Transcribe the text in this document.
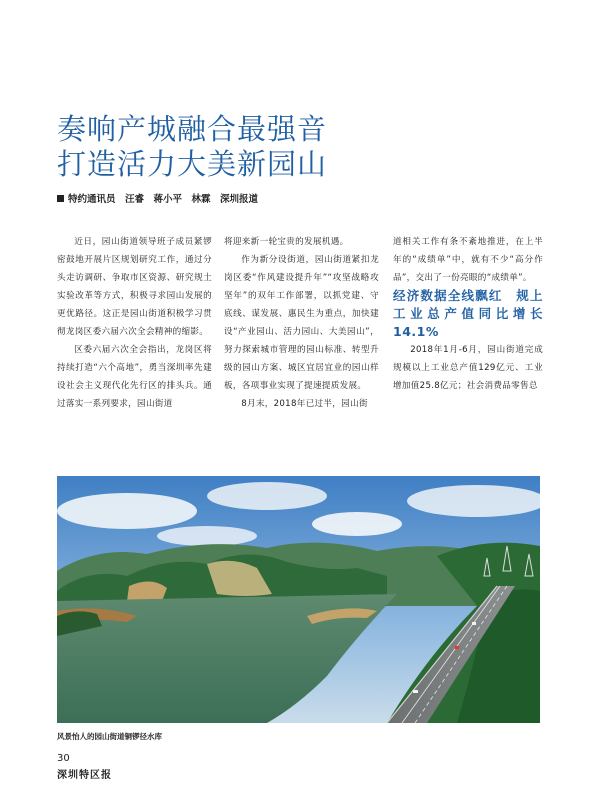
奏响产城融合最强音
打造活力大美新园山
特约通讯员　汪睿　蒋小平　林霖　深圳报道

近日，园山街道领导班子成员紧锣密鼓地开展片区规划研究工作，通过分头走访调研、争取市区资源、研究规土实验改革等方式，积极寻求园山发展的更优路径。这正是园山街道积极学习贯彻龙岗区委六届六次全会精神的缩影。

区委六届六次全会指出，龙岗区将持续打造“六个高地”，勇当深圳率先建设社会主义现代化先行区的排头兵。通过落实一系列要求，园山街道

将迎来新一轮宝贵的发展机遇。

作为新分设街道，园山街道紧扣龙岗区委“作风建设提升年”“攻坚战略攻坚年”的双年工作部署，以抓党建、守底线、谋发展、惠民生为重点，加快建设“产业园山、活力园山、大美园山”，努力探索城市管理的园山标准、转型升级的园山方案、城区宜居宜业的园山样板，各项事业实现了提速提质发展。

8月末，2018年已过半，园山街

道相关工作有条不紊地推进，在上半年的“成绩单”中，就有不少“高分作品”，交出了一份亮眼的“成绩单”。

经济数据全线飘红　规上工业总产值同比增长14.1%

2018年1月-6月，园山街道完成规模以上工业总产值129亿元、工业增加值25.8亿元；社会消费品零售总

风景怡人的园山街道铜锣径水库
30
深圳特区报
